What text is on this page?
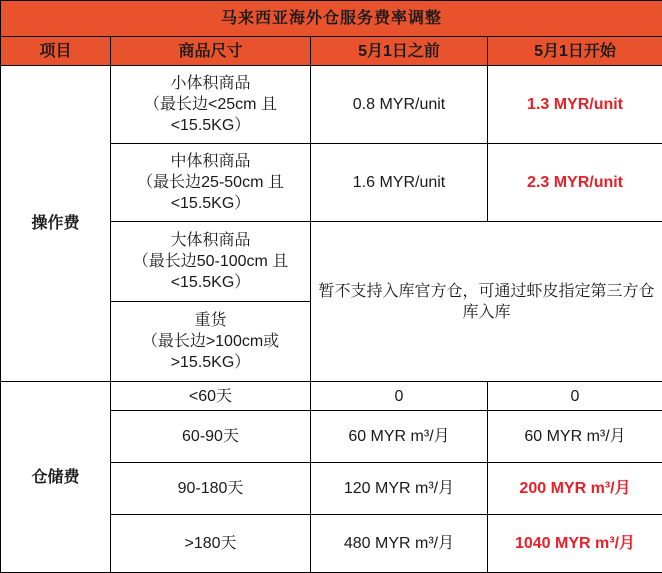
马来西亚海外仓服务费率调整			
项目	商品尺寸	5月1日之前	5月1日开始
操作费	小体积商品
（最长边<25cm 且
<15.5KG）	0.8 MYR/unit	1.3 MYR/unit

	中体积商品
（最长边25-50cm 且
<15.5KG）	1.6 MYR/unit	2.3 MYR/unit

	大体积商品
（最长边50-100cm 且
<15.5KG）	暂不支持入库官方仓，可通过虾皮指定第三方仓库入库	

	重货
（最长边>100cm或
>15.5KG）		

仓储费	<60天	0	0
	60-90天	60 MYR m³/月	60 MYR m³/月
	90-180天	120 MYR m³/月	200 MYR m³/月
	>180天	480 MYR m³/月	1040 MYR m³/月
